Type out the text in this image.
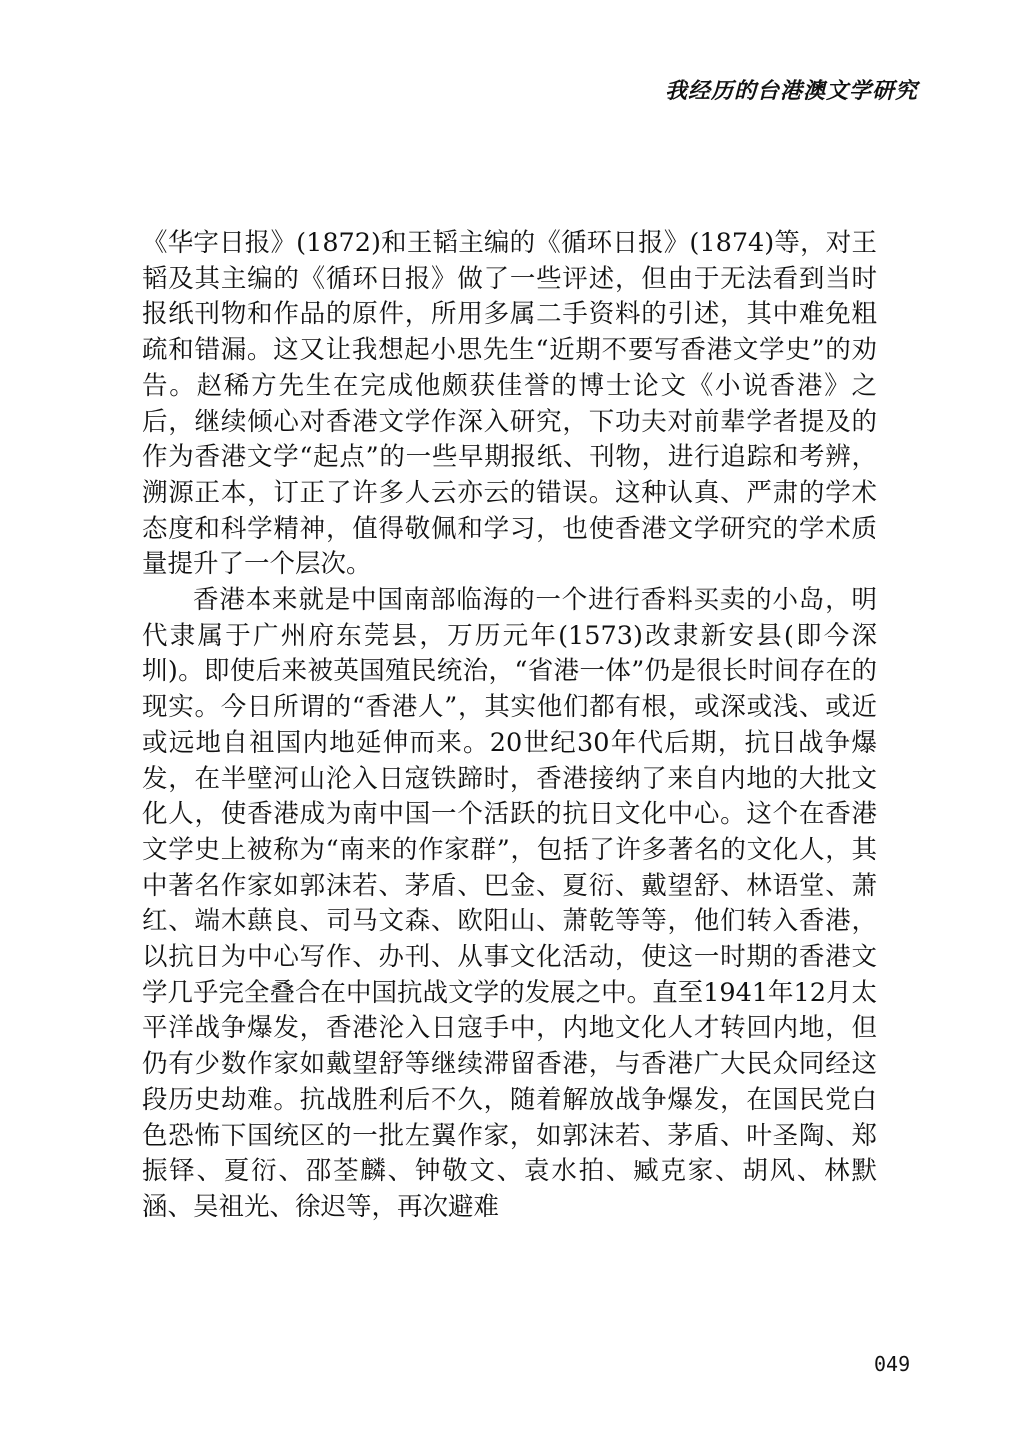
我经历的台港澳文学研究

《华字日报》(1872)和王韬主编的《循环日报》(1874)等，对王韬及其主编的《循环日报》做了一些评述，但由于无法看到当时报纸刊物和作品的原件，所用多属二手资料的引述，其中难免粗疏和错漏。这又让我想起小思先生“近期不要写香港文学史”的劝告。赵稀方先生在完成他颇获佳誉的博士论文《小说香港》之后，继续倾心对香港文学作深入研究，下功夫对前辈学者提及的作为香港文学“起点”的一些早期报纸、刊物，进行追踪和考辨，溯源正本，订正了许多人云亦云的错误。这种认真、严肃的学术态度和科学精神，值得敬佩和学习，也使香港文学研究的学术质量提升了一个层次。

香港本来就是中国南部临海的一个进行香料买卖的小岛，明代隶属于广州府东莞县，万历元年(1573)改隶新安县(即今深圳)。即使后来被英国殖民统治，“省港一体”仍是很长时间存在的现实。今日所谓的“香港人”，其实他们都有根，或深或浅、或近或远地自祖国内地延伸而来。20世纪30年代后期，抗日战争爆发，在半壁河山沦入日寇铁蹄时，香港接纳了来自内地的大批文化人，使香港成为南中国一个活跃的抗日文化中心。这个在香港文学史上被称为“南来的作家群”，包括了许多著名的文化人，其中著名作家如郭沫若、茅盾、巴金、夏衍、戴望舒、林语堂、萧红、端木蕻良、司马文森、欧阳山、萧乾等等，他们转入香港，以抗日为中心写作、办刊、从事文化活动，使这一时期的香港文学几乎完全叠合在中国抗战文学的发展之中。直至1941年12月太平洋战争爆发，香港沦入日寇手中，内地文化人才转回内地，但仍有少数作家如戴望舒等继续滞留香港，与香港广大民众同经这段历史劫难。抗战胜利后不久，随着解放战争爆发，在国民党白色恐怖下国统区的一批左翼作家，如郭沫若、茅盾、叶圣陶、郑振铎、夏衍、邵荃麟、钟敬文、袁水拍、臧克家、胡风、林默涵、吴祖光、徐迟等，再次避难

049
